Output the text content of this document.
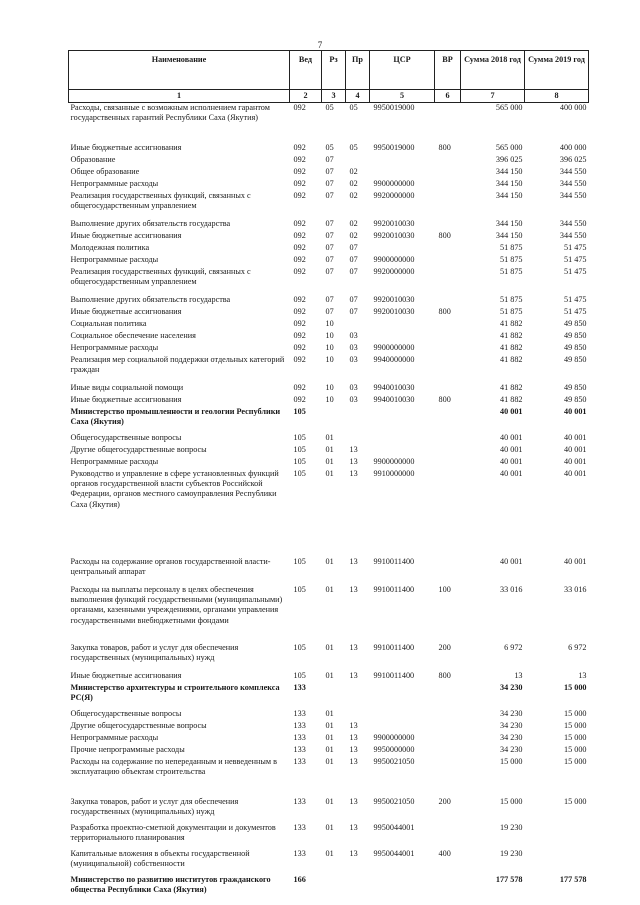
7
Наименование	Вед	Рз	Пр	ЦСР	ВР	Сумма 2018 год	Сумма 2019 год
1	2	3	4	5	6	7	8
Расходы, связанные с возможным исполнением гарантом государственных гарантий Республики Саха (Якутия)	092	05	05	9950019000		565 000	400 000
Иные бюджетные ассигнования	092	05	05	9950019000	800	565 000	400 000
Образование	092	07				396 025	396 025
Общее образование	092	07	02			344 150	344 550
Непрограммные расходы	092	07	02	9900000000		344 150	344 550
Реализация государственных функций, связанных с общегосударственным управлением	092	07	02	9920000000		344 150	344 550
Выполнение других обязательств государства	092	07	02	9920010030		344 150	344 550
Иные бюджетные ассигнования	092	07	02	9920010030	800	344 150	344 550
Молодежная политика	092	07	07			51 875	51 475
Непрограммные расходы	092	07	07	9900000000		51 875	51 475
Реализация государственных функций, связанных с общегосударственным управлением	092	07	07	9920000000		51 875	51 475
Выполнение других обязательств государства	092	07	07	9920010030		51 875	51 475
Иные бюджетные ассигнования	092	07	07	9920010030	800	51 875	51 475
Социальная политика	092	10				41 882	49 850
Социальное обеспечение населения	092	10	03			41 882	49 850
Непрограммные расходы	092	10	03	9900000000		41 882	49 850
Реализация мер социальной поддержки отдельных категорий граждан	092	10	03	9940000000		41 882	49 850
Иные виды социальной помощи	092	10	03	9940010030		41 882	49 850
Иные бюджетные ассигнования	092	10	03	9940010030	800	41 882	49 850
Министерство промышленности и геологии Республики Саха (Якутия)	105					40 001	40 001
Общегосударственные вопросы	105	01				40 001	40 001
Другие общегосударственные вопросы	105	01	13			40 001	40 001
Непрограммные расходы	105	01	13	9900000000		40 001	40 001
Руководство и управление в сфере установленных функций органов государственной власти субъектов Российской Федерации, органов местного самоуправления Республики Саха (Якутия)	105	01	13	9910000000		40 001	40 001
Расходы на содержание органов государственной власти- центральный аппарат	105	01	13	9910011400		40 001	40 001
Расходы на выплаты персоналу в целях обеспечения выполнения функций государственными (муниципальными) органами, казенными учреждениями, органами управления государственными внебюджетными фондами	105	01	13	9910011400	100	33 016	33 016
Закупка товаров, работ и услуг для обеспечения государственных (муниципальных) нужд	105	01	13	9910011400	200	6 972	6 972
Иные бюджетные ассигнования	105	01	13	9910011400	800	13	13
Министерство архитектуры и строительного комплекса РС(Я)	133					34 230	15 000
Общегосударственные вопросы	133	01				34 230	15 000
Другие общегосударственные вопросы	133	01	13			34 230	15 000
Непрограммные расходы	133	01	13	9900000000		34 230	15 000
Прочие непрограммные расходы	133	01	13	9950000000		34 230	15 000
Расходы на содержание по непереданным и невведенным в эксплуатацию объектам строительства	133	01	13	9950021050		15 000	15 000
Закупка товаров, работ и услуг для обеспечения государственных (муниципальных) нужд	133	01	13	9950021050	200	15 000	15 000
Разработка проектно-сметной документации и документов территориального планирования	133	01	13	9950044001		19 230	
Капитальные вложения в объекты государственной (муниципальной) собственности	133	01	13	9950044001	400	19 230	
Министерство по развитию институтов гражданского общества Республики Саха (Якутия)	166					177 578	177 578
